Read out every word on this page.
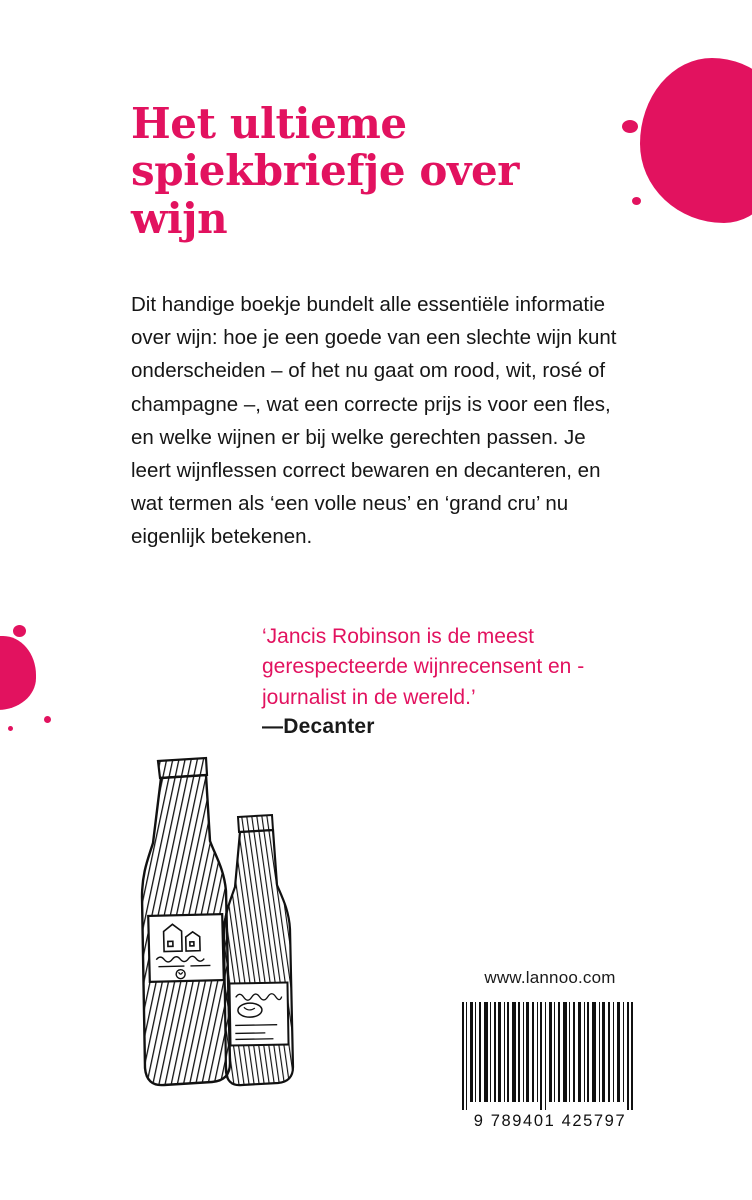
Het ultieme spiekbriefje over wijn

Dit handige boekje bundelt alle essentiële informatie over wijn: hoe je een goede van een slechte wijn kunt onderscheiden – of het nu gaat om rood, wit, rosé of champagne –, wat een correcte prijs is voor een fles, en welke wijnen er bij welke gerechten passen. Je leert wijnflessen correct bewaren en decanteren, en wat termen als ‘een volle neus’ en ‘grand cru’ nu eigenlijk betekenen.

‘Jancis Robinson is de meest gerespecteerde wijnrecensent en -journalist in de wereld.’

—Decanter

www.lannoo.com

9 789401 425797
